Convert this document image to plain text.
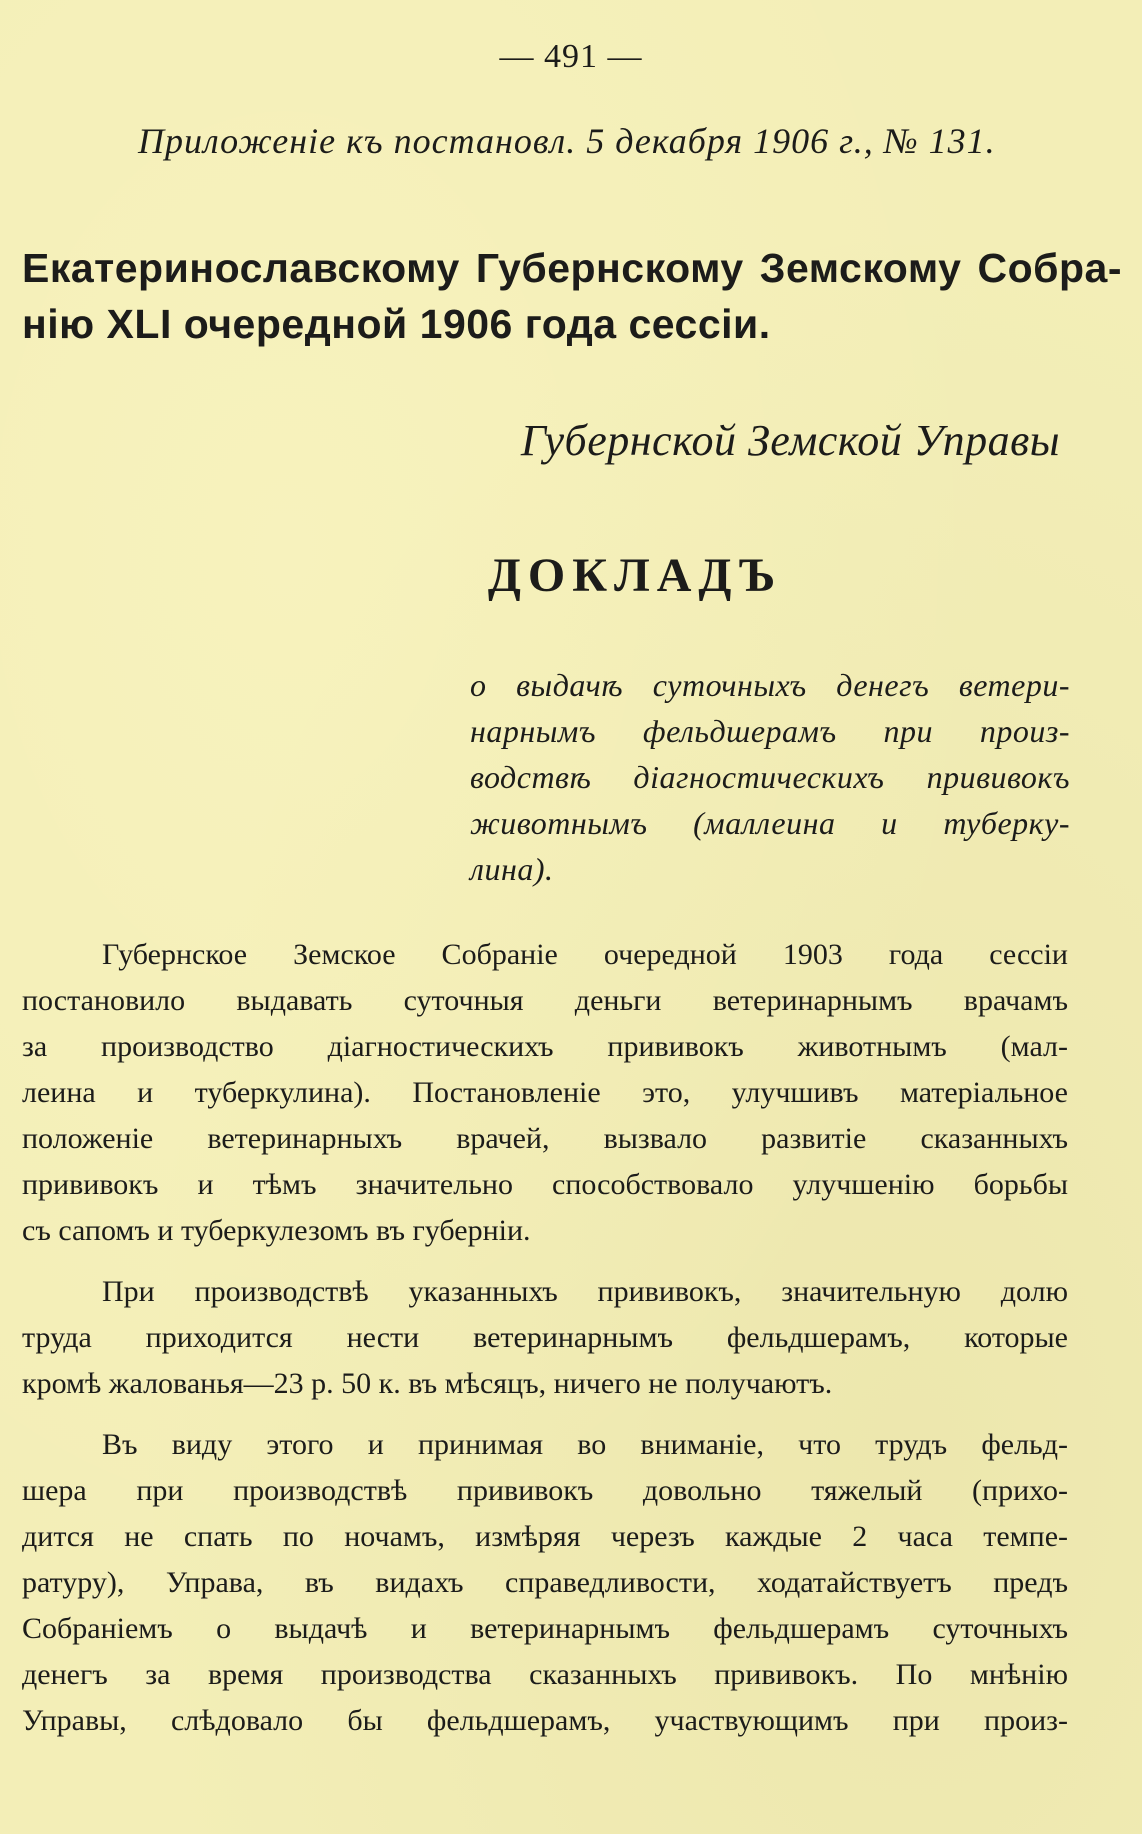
— 491 —
Приложеніе къ постановл. 5 декабря 1906 г., № 131.
Екатеринославскому Губернскому Земскому Собра-
нію XLI очередной 1906 года сессіи.
Губернской Земской Управы
ДОКЛАДЪ
о выдачѣ суточныхъ денегъ ветери-
нарнымъ фельдшерамъ при произ-
водствѣ діагностическихъ прививокъ
животнымъ (маллеина и туберку-
лина).
Губернское Земское Собраніе очередной 1903 года сессіи
постановило выдавать суточныя деньги ветеринарнымъ врачамъ
за производство діагностическихъ прививокъ животнымъ (мал-
леина и туберкулина). Постановленіе это, улучшивъ матеріальное
положеніе ветеринарныхъ врачей, вызвало развитіе сказанныхъ
прививокъ и тѣмъ значительно способствовало улучшенію борьбы
съ сапомъ и туберкулезомъ въ губерніи.
При производствѣ указанныхъ прививокъ, значительную долю
труда приходится нести ветеринарнымъ фельдшерамъ, которые
кромѣ жалованья—23 р. 50 к. въ мѣсяцъ, ничего не получаютъ.
Въ виду этого и принимая во вниманіе, что трудъ фельд-
шера при производствѣ прививокъ довольно тяжелый (прихо-
дится не спать по ночамъ, измѣряя черезъ каждые 2 часа темпе-
ратуру), Управа, въ видахъ справедливости, ходатайствуетъ предъ
Собраніемъ о выдачѣ и ветеринарнымъ фельдшерамъ суточныхъ
денегъ за время производства сказанныхъ прививокъ. По мнѣнію
Управы, слѣдовало бы фельдшерамъ, участвующимъ при произ-
